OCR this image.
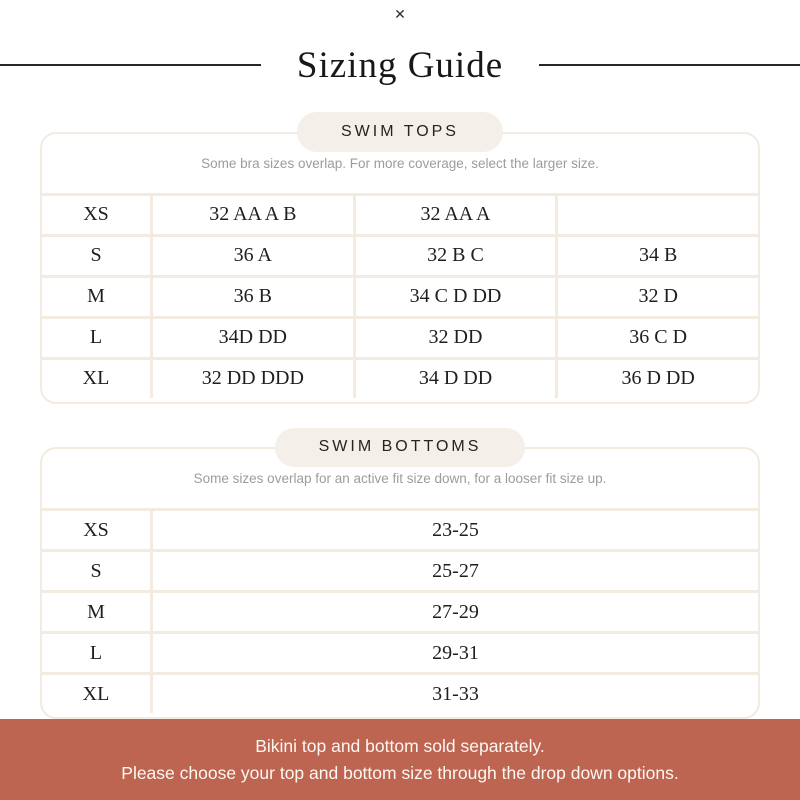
✕
Sizing Guide
SWIM TOPS

Some bra sizes overlap. For more coverage, select the larger size.

XS	32 AA A B	32 AA A
S	36 A	32 B C	34 B
M	36 B	34 C D DD	32 D
L	34D DD	32 DD	36 C D
XL	32 DD DDD	34 D DD	36 D DD
SWIM BOTTOMS

Some sizes overlap for an active fit size down, for a looser fit size up.

XS	23-25
S	25-27
M	27-29
L	29-31
XL	31-33
Bikini top and bottom sold separately.
Please choose your top and bottom size through the drop down options.
